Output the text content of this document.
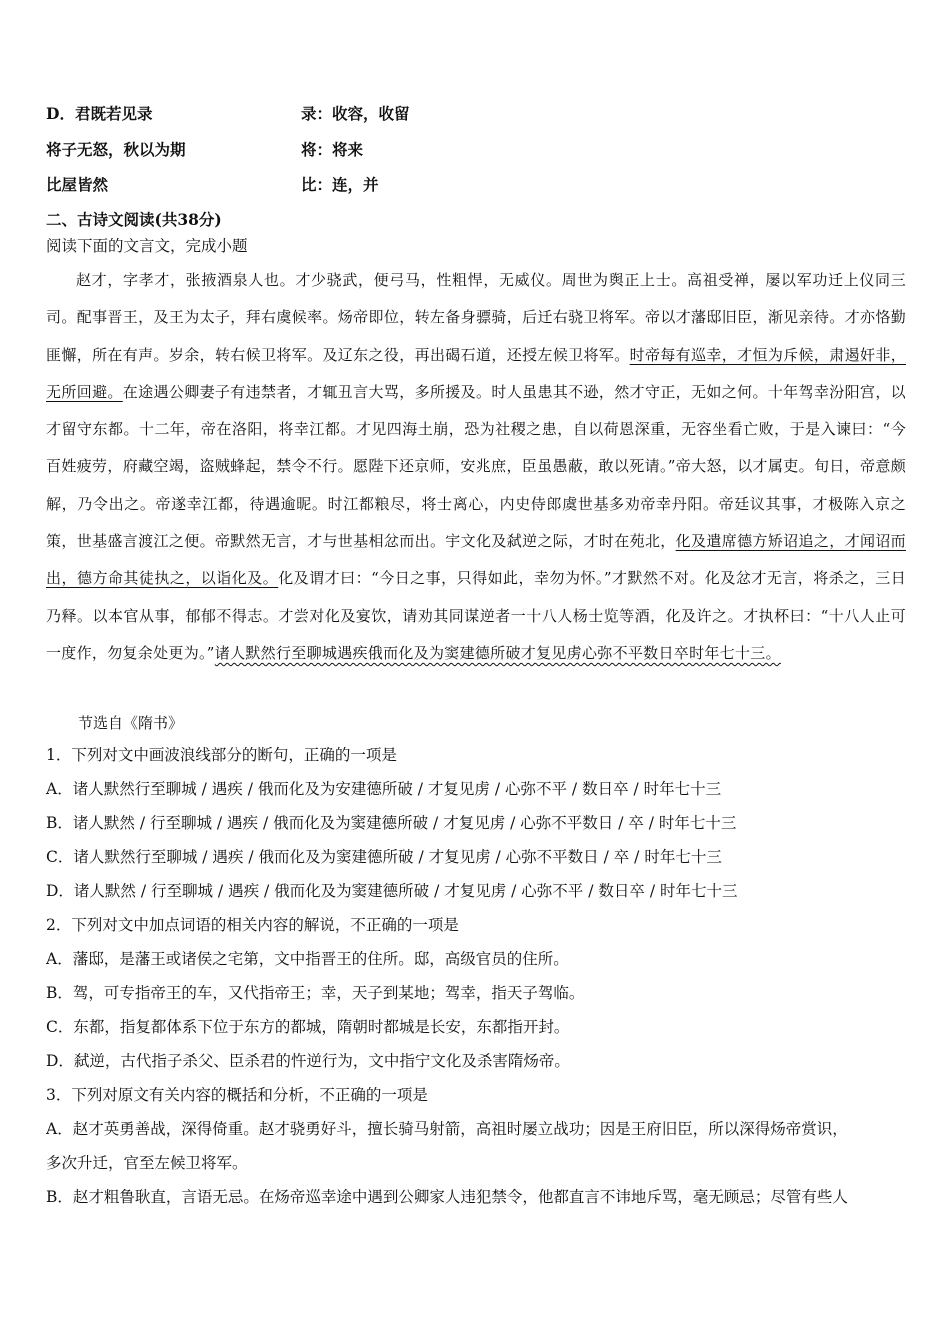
D．君既若见录	录：收容，收留
将子无怒，秋以为期	将：将来
比屋皆然	比：连，并
二、古诗文阅读(共38分)
阅读下面的文言文，完成小题
赵才，字孝才，张掖酒泉人也。才少骁武，便弓马，性粗悍，无威仪。周世为舆正上士。高祖受禅，屡以军功迁上仪同三司。配事晋王，及王为太子，拜右虞候率。炀帝即位，转左备身骠骑，后迁右骁卫将军。帝以才藩邸旧臣，渐见亲待。才亦恪勤匪懈，所在有声。岁余，转右候卫将军。及辽东之役，再出碣石道，还授左候卫将军。时帝每有巡幸，才恒为斥候，肃遏奸非，无所回避。在途遇公卿妻子有违禁者，才辄丑言大骂，多所援及。时人虽患其不逊，然才守正，无如之何。十年驾幸汾阳宫，以才留守东都。十二年，帝在洛阳，将幸江都。才见四海土崩，恐为社稷之患，自以荷恩深重，无容坐看亡败，于是入谏曰：“今百姓疲劳，府藏空竭，盗贼蜂起，禁令不行。愿陛下还京师，安兆庶，臣虽愚蔽，敢以死请。”帝大怒，以才属吏。旬日，帝意颇解，乃令出之。帝遂幸江都，待遇逾昵。时江都粮尽，将士离心，内史侍郎虞世基多劝帝幸丹阳。帝廷议其事，才极陈入京之策，世基盛言渡江之便。帝默然无言，才与世基相忿而出。宇文化及弑逆之际，才时在苑北，化及遣席德方矫诏追之，才闻诏而出，德方命其徒执之，以诣化及。化及谓才曰：“今日之事，只得如此，幸勿为怀。”才默然不对。化及忿才无言，将杀之，三日乃释。以本官从事，郁郁不得志。才尝对化及宴饮，请劝其同谋逆者一十八人杨士览等酒，化及许之。才执杯曰：“十八人止可一度作，勿复余处更为。”诸人默然行至聊城遇疾俄而化及为窦建德所破才复见虏心弥不平数日卒时年七十三。
节选自《隋书》

1．下列对文中画波浪线部分的断句，正确的一项是

A．诸人默然行至聊城 / 遇疾 / 俄而化及为安建德所破 / 才复见虏 / 心弥不平 / 数日卒 / 时年七十三

B．诸人默然 / 行至聊城 / 遇疾 / 俄而化及为窦建德所破 / 才复见虏 / 心弥不平数日 / 卒 / 时年七十三

C．诸人默然行至聊城 / 遇疾 / 俄而化及为窦建德所破 / 才复见虏 / 心弥不平数日 / 卒 / 时年七十三

D．诸人默然 / 行至聊城 / 遇疾 / 俄而化及为窦建德所破 / 才复见虏 / 心弥不平 / 数日卒 / 时年七十三

2．下列对文中加点词语的相关内容的解说，不正确的一项是

A．藩邸，是藩王或诸侯之宅第，文中指晋王的住所。邸，高级官员的住所。

B．驾，可专指帝王的车，又代指帝王；幸，天子到某地；驾幸，指天子驾临。

C．东都，指复都体系下位于东方的都城，隋朝时都城是长安，东都指开封。

D．弑逆，古代指子杀父、臣杀君的忤逆行为，文中指宁文化及杀害隋炀帝。

3．下列对原文有关内容的概括和分析，不正确的一项是

A．赵才英勇善战，深得倚重。赵才骁勇好斗，擅长骑马射箭，高祖时屡立战功；因是王府旧臣，所以深得炀帝赏识，

多次升迁，官至左候卫将军。

B．赵才粗鲁耿直，言语无忌。在炀帝巡幸途中遇到公卿家人违犯禁令，他都直言不讳地斥骂，毫无顾忌；尽管有些人
